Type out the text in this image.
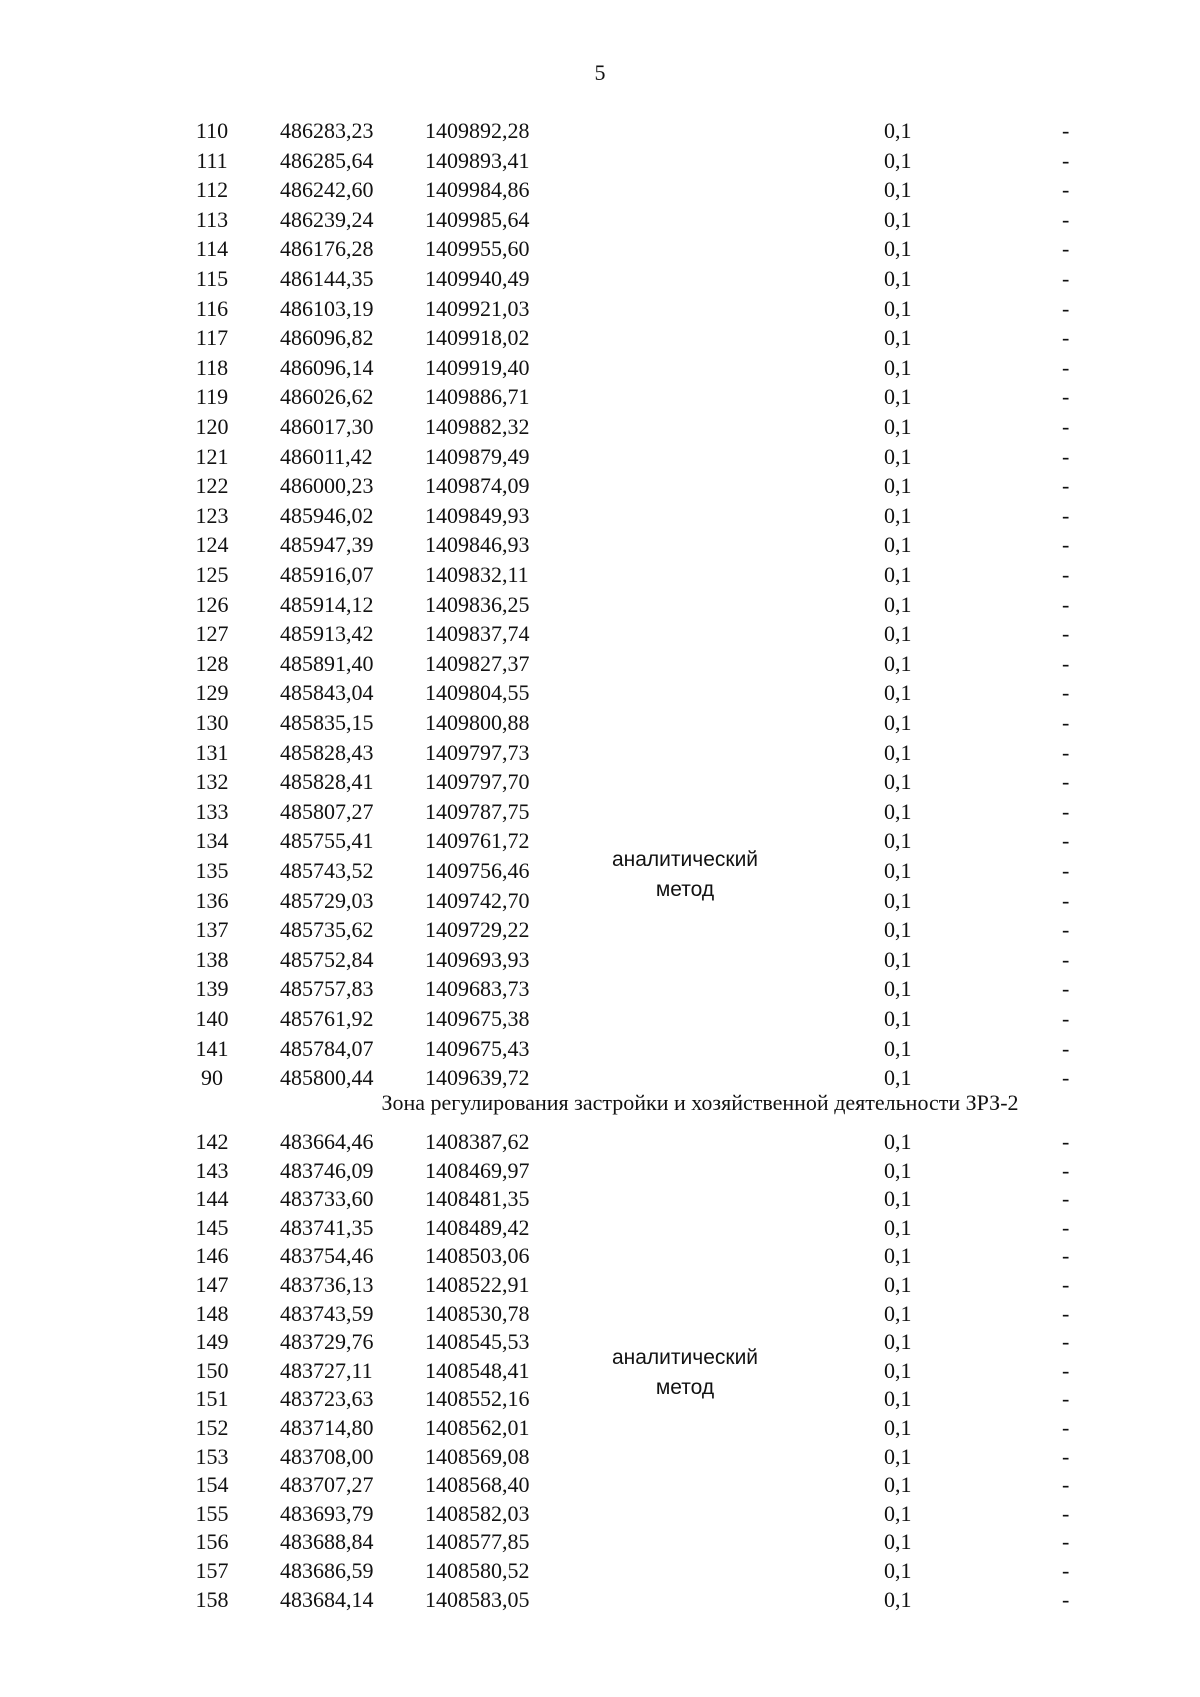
5
аналитический
метод
Зона регулирования застройки и хозяйственной деятельности ЗРЗ-2
аналитический
метод
110	486283,23 1409892,28	0,1	-
111	486285,64 1409893,41	0,1	-
112	486242,60 1409984,86	0,1	-
113	486239,24 1409985,64	0,1	-
114	486176,28 1409955,60	0,1	-
115	486144,35 1409940,49	0,1	-
116	486103,19 1409921,03	0,1	-
117	486096,82 1409918,02	0,1	-
118	486096,14 1409919,40	0,1	-
119	486026,62 1409886,71	0,1	-
120	486017,30 1409882,32	0,1	-
121	486011,42 1409879,49	0,1	-
122	486000,23 1409874,09	0,1	-
123	485946,02 1409849,93	0,1	-
124	485947,39 1409846,93	0,1	-
125	485916,07 1409832,11	0,1	-
126	485914,12 1409836,25	0,1	-
127	485913,42 1409837,74	0,1	-
128	485891,40 1409827,37	0,1	-
129	485843,04 1409804,55	0,1	-
130	485835,15 1409800,88	0,1	-
131	485828,43 1409797,73	0,1	-
132	485828,41 1409797,70	0,1	-
133	485807,27 1409787,75	0,1	-
134	485755,41 1409761,72	0,1	-
135	485743,52 1409756,46	0,1	-
136	485729,03 1409742,70	0,1	-
137	485735,62 1409729,22	0,1	-
138	485752,84 1409693,93	0,1	-
139	485757,83 1409683,73	0,1	-
140	485761,92 1409675,38	0,1	-
141	485784,07 1409675,43	0,1	-
90	485800,44 1409639,72	0,1	-
142	483664,46 1408387,62	0,1	-
143	483746,09 1408469,97	0,1	-
144	483733,60 1408481,35	0,1	-
145	483741,35 1408489,42	0,1	-
146	483754,46 1408503,06	0,1	-
147	483736,13 1408522,91	0,1	-
148	483743,59 1408530,78	0,1	-
149	483729,76 1408545,53	0,1	-
150	483727,11 1408548,41	0,1	-
151	483723,63 1408552,16	0,1	-
152	483714,80 1408562,01	0,1	-
153	483708,00 1408569,08	0,1	-
154	483707,27 1408568,40	0,1	-
155	483693,79 1408582,03	0,1	-
156	483688,84 1408577,85	0,1	-
157	483686,59 1408580,52	0,1	-
158	483684,14 1408583,05	0,1	-
